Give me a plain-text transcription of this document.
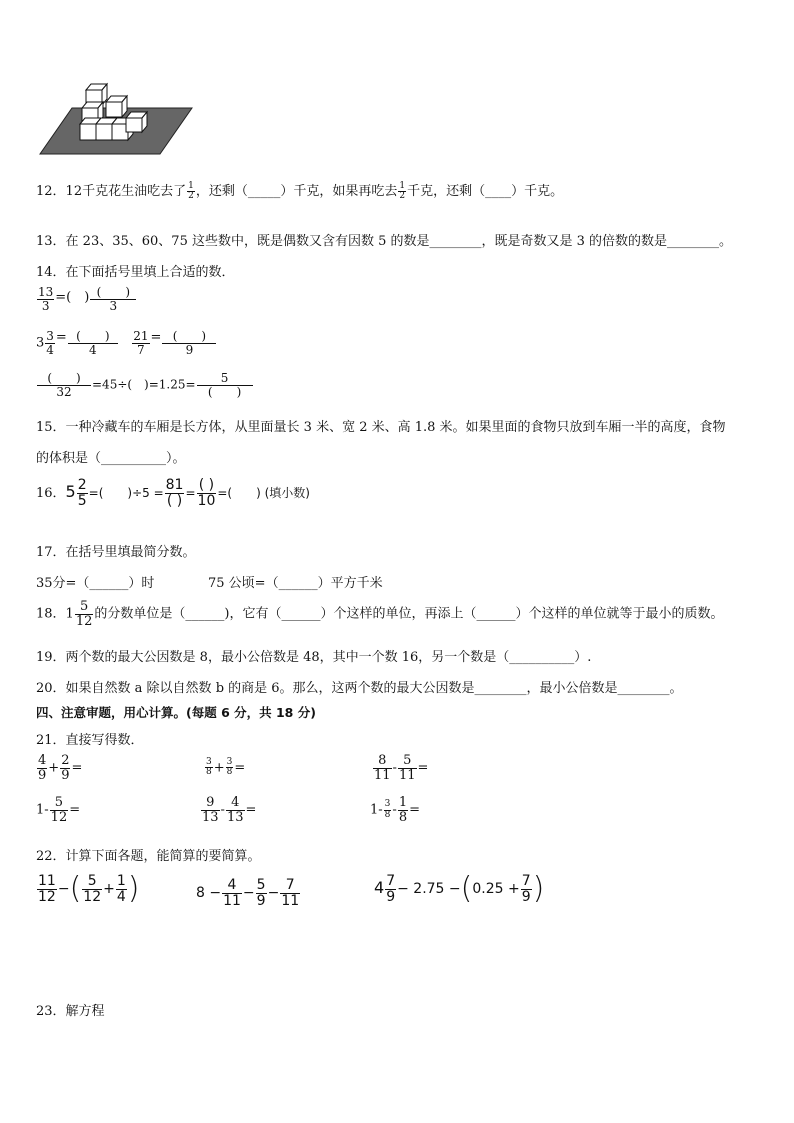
12．12千克花生油吃去了 $\frac{1}{2}$ ，还剩（_____）千克，如果再吃去 $\frac{1}{2}$ 千克，还剩（____）千克。
13．在 23、35、60、75 这些数中，既是偶数又含有因数 5 的数是________，既是奇数又是 3 的倍数的数是________。
14．在下面括号里填上合适的数．
$\frac{13}{3}$ =(　) $\frac{( )}{3}$
$3 \frac{3}{4} = \frac{( )}{4}$
$\frac{21}{7} = \frac{( )}{9}$
$\frac{( )}{32} =45\div$(　)$=1.25= \frac{5}{( )}$
15．一种冷藏车的车厢是长方体，从里面量长 3 米、宽 2 米、高 1.8 米。如果里面的食物只放到车厢一半的高度，食物
的体积是（__________）。
16．$5 \frac{2}{5}$ =(　　)$\div 5 = \frac{81}{( )} = \frac{( )}{10}$ =(　　) (填小数)
17．在括号里填最简分数。
35分=（______）时	75 公顷=（______）平方千米
18．$1 \frac{5}{12}$ 的分数单位是（______)，它有（______）个这样的单位，再添上（______）个这样的单位就等于最小的质数。
19．两个数的最大公因数是 8，最小公倍数是 48，其中一个数 16，另一个数是（__________）.
20．如果自然数 a 除以自然数 b 的商是 6。那么，这两个数的最大公因数是________，最小公倍数是________。
四、注意审题，用心计算。(每题 6 分，共 18 分)
21．直接写得数．
$\frac{4}{9} + \frac{2}{9}$ =	$\frac{3}{8} + \frac{3}{8}$ =	$\frac{8}{11} - \frac{5}{11}$ =
$1- \frac{5}{12}$ =	$\frac{9}{13} - \frac{4}{13}$ =	$1- \frac{3}{8} - \frac{1}{8}$ =
22．计算下面各题，能简算的要简算。
$\frac{11}{12}$ −( $\frac{5}{12} + \frac{1}{4}$ )	$8 - \frac{4}{11} - \frac{5}{9} - \frac{7}{11}$	$4 \frac{7}{9} - 2.75 -(0.25 + \frac{7}{9}$ )
23．解方程
